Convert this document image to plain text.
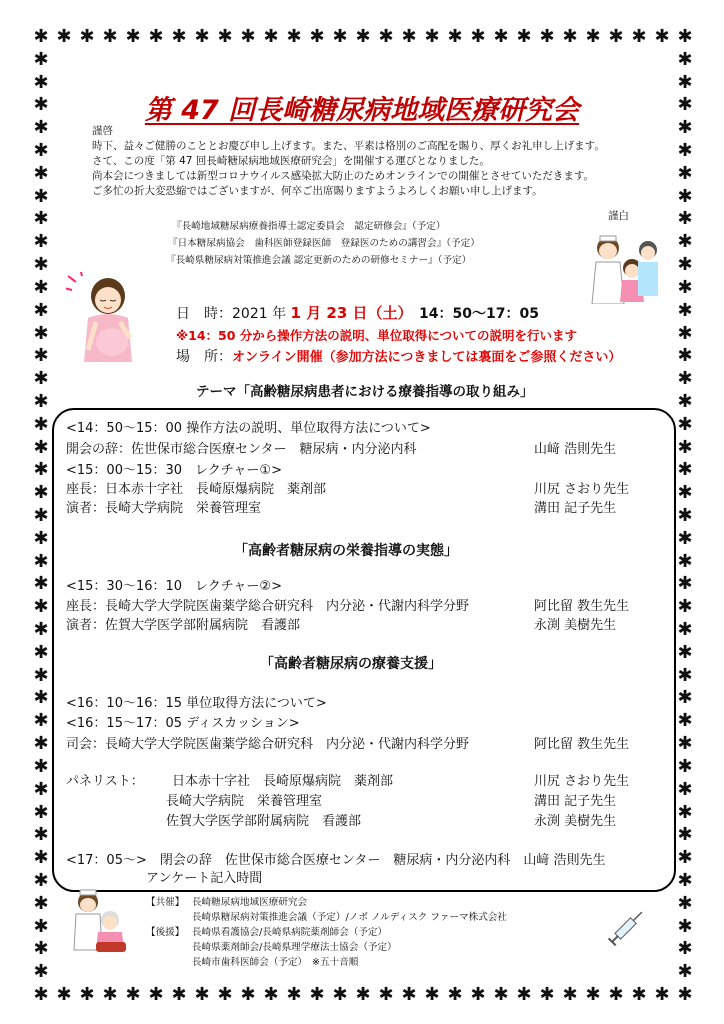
✱
✱
✱
✱
✱
✱
✱
✱
✱
✱
✱
✱
✱
✱
✱
✱
✱
✱
✱
✱
✱
✱
✱
✱
✱
✱
✱
✱
✱
✱
✱
✱
✱
✱
✱
✱
✱
✱
✱
✱
✱
✱
✱
✱
✱
✱
✱
✱
✱
✱
✱
✱
✱
✱
✱
✱
✱
✱
✱	✱
✱	✱
✱	✱
✱	✱
✱	✱
✱	✱
✱	✱
✱	✱
✱	✱
✱	✱
✱	✱
✱	✱
✱	✱
✱	✱
✱	✱
✱	✱
✱	✱
✱	✱
✱	✱
✱	✱
✱	✱
✱	✱
✱	✱
✱	✱
✱	✱
✱	✱
✱	✱
✱	✱
✱	✱
✱	✱
✱	✱
✱	✱
✱	✱
✱	✱
✱	✱
✱	✱
✱	✱
✱	✱
✱	✱
✱	✱
✱	✱
第 47 回長崎糖尿病地域医療研究会
謹啓
時下、益々ご健勝のこととお慶び申し上げます。また、平素は格別のご高配を賜り、厚くお礼申し上げます。
さて、この度「第 47 回長崎糖尿病地域医療研究会」を開催する運びとなりました。
尚本会につきましては新型コロナウイルス感染拡大防止のためオンラインでの開催とさせていただきます。
ご多忙の折大変恐縮ではございますが、何卒ご出席賜りますようよろしくお願い申し上げます。
謹白
『長崎地域糖尿病療養指導士認定委員会　認定研修会』（予定）
『日本糖尿病協会　歯科医師登録医師　登録医のための講習会』（予定）
『長崎県糖尿病対策推進会議 認定更新のための研修セミナー』（予定）
日　時：2021 年 1 月 23 日（土）　14：50～17：05
※14：50 分から操作方法の説明、単位取得についての説明を行います
場　所：オンライン開催（参加方法につきましては裏面をご参照ください）
テーマ「高齢糖尿病患者における療養指導の取り組み」
<14：50～15：00 操作方法の説明、単位取得方法について>
開会の辞：佐世保市総合医療センター　糖尿病・内分泌内科	山﨑 浩則先生
<15：00～15：30　レクチャー①>
座長：日本赤十字社　長崎原爆病院　薬剤部	川尻 さおり先生
演者：長崎大学病院　栄養管理室	溝田 記子先生
「高齢者糖尿病の栄養指導の実態」
<15：30～16：10　レクチャー②>
座長：長崎大学大学院医歯薬学総合研究科　内分泌・代謝内科学分野	阿比留 教生先生
演者：佐賀大学医学部附属病院　看護部	永渕 美樹先生
「高齢者糖尿病の療養支援」
<16：10～16：15 単位取得方法について>
<16：15～17：05 ディスカッション>
司会：長崎大学大学院医歯薬学総合研究科　内分泌・代謝内科学分野	阿比留 教生先生
パネリスト： 日本赤十字社　長崎原爆病院　薬剤部	川尻 さおり先生
長崎大学病院　栄養管理室	溝田 記子先生
佐賀大学医学部附属病院　看護部	永渕 美樹先生
<17：05～>　閉会の辞　佐世保市総合医療センター　糖尿病・内分泌内科　山﨑 浩則先生
アンケート記入時間
【共催】 長崎糖尿病地域医療研究会
長崎県糖尿病対策推進会議（予定）/ノボ ノルディスク ファーマ株式会社
【後援】 長崎県看護協会/長崎県病院薬剤師会（予定）
長崎県薬剤師会/長崎県理学療法士協会（予定）
長崎市歯科医師会（予定）　※五十音順
